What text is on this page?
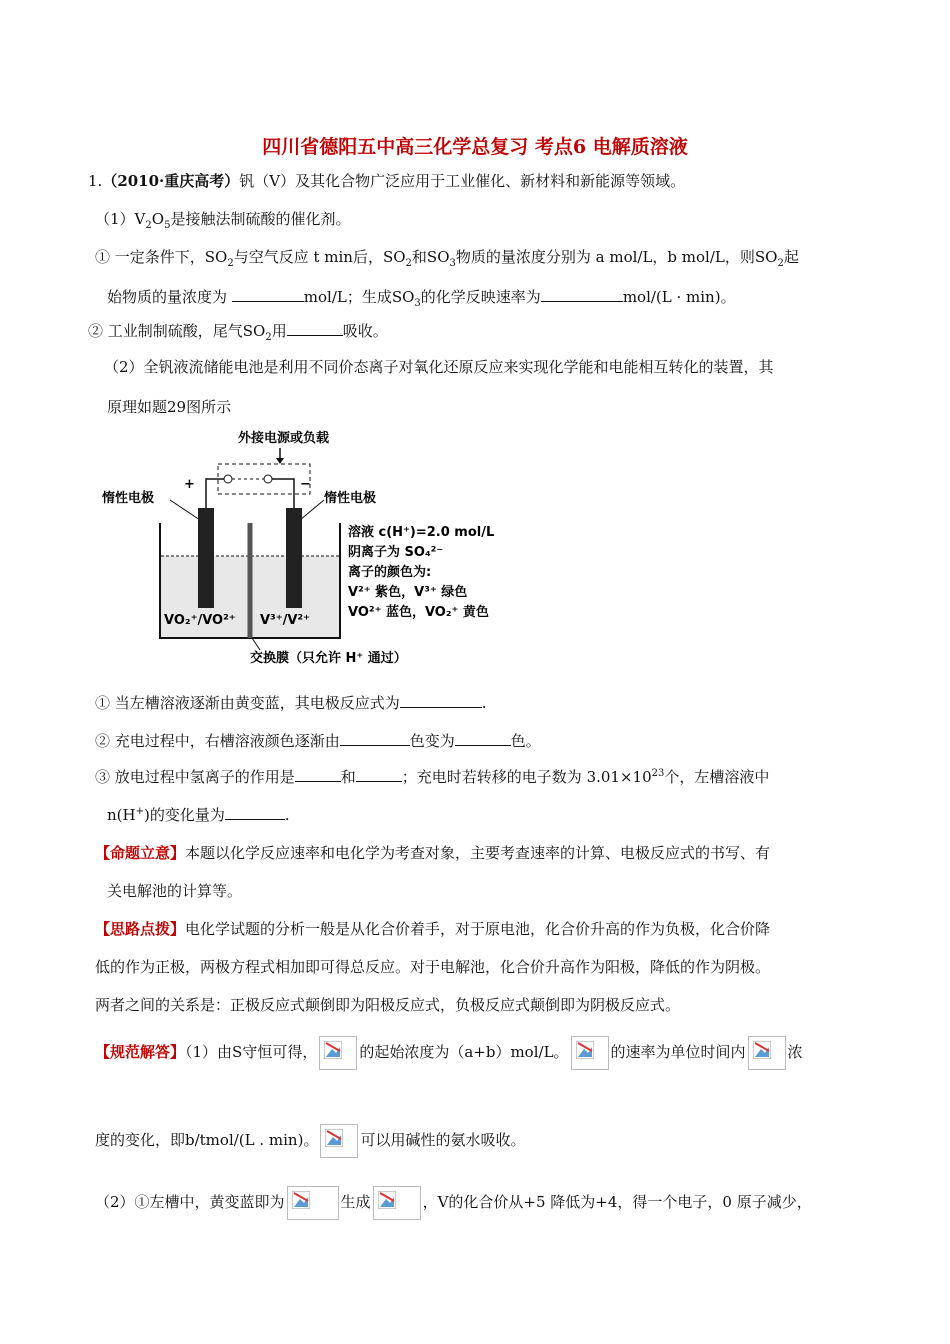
四川省德阳五中高三化学总复习 考点6 电解质溶液
1.（2010·重庆高考）钒（V）及其化合物广泛应用于工业催化、新材料和新能源等领域。
$(1)V_2O_5$是接触法制硫酸的催化剂。
① 一定条件下，$SO_2$与空气反应 t min后，$SO_2$和$SO_3$物质的量浓度分别为 a mol/L，b mol/L，则$SO_2$起
始物质的量浓度为	mol/L；生成$SO_3$的化学反映速率为	mol/(L · min)。
② 工业制制硫酸，尾气$SO_2$用	吸收。
（2）全钒液流储能电池是利用不同价态离子对氧化还原反应来实现化学能和电能相互转化的装置，其
原理如题29图所示
外接电源或负载
+	−
惰性电极	惰性电极
VO₂⁺/VO²⁺ V³⁺/V²⁺
溶液 c(H⁺)=2.0 mol/L
阴离子为 SO₄²⁻
离子的颜色为:
V²⁺ 紫色，V³⁺ 绿色
VO²⁺ 蓝色，VO₂⁺ 黄色
交换膜（只允许 H⁺ 通过）
① 当左槽溶液逐渐由黄变蓝，其电极反应式为	.
② 充电过程中，右槽溶液颜色逐渐由	色变为	色。
③ 放电过程中氢离子的作用是	和	；充电时若转移的电子数为 $3.01\times 10^{23}$个，左槽溶液中
n(H+)的变化量为	.
【命题立意】本题以化学反应速率和电化学为考查对象，主要考查速率的计算、电极反应式的书写、有
关电解池的计算等。
【思路点拨】电化学试题的分析一般是从化合价着手，对于原电池，化合价升高的作为负极，化合价降
低的作为正极，两极方程式相加即可得总反应。对于电解池，化合价升高作为阳极，降低的作为阴极。
两者之间的关系是：正极反应式颠倒即为阳极反应式，负极反应式颠倒即为阴极反应式。
【规范解答】（1）由S守恒可得，	的起始浓度为（a+b）mol/L。	的速率为单位时间内	浓
度的变化，即b/tmol/(L . min)。	可以用碱性的氨水吸收。
（2）①左槽中，黄变蓝即为	生成	，V的化合价从+5 降低为+4，得一个电子，0 原子减少，
